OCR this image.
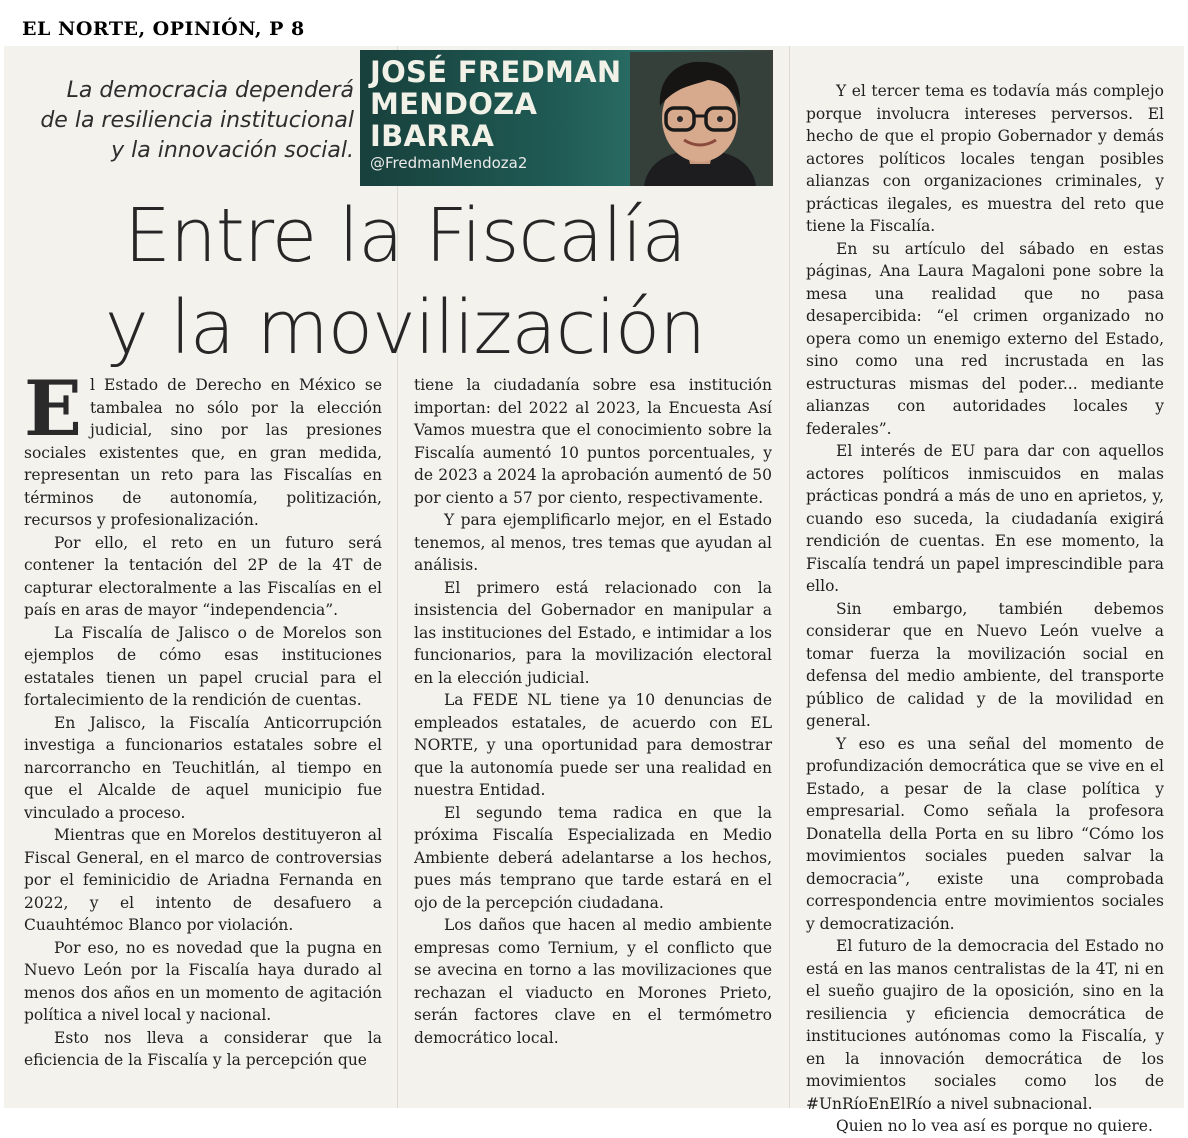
EL NORTE, OPINIÓN, P 8
La democracia dependerá
de la resiliencia institucional
y la innovación social.
JOSÉ FREDMAN
MENDOZA
IBARRA
@FredmanMendoza2
Entre la Fiscalía
y la movilización

El Estado de Derecho en México se tambalea no sólo por la elección judicial, sino por las presiones sociales existentes que, en gran medida, representan un reto para las Fiscalías en términos de autonomía, politización, recursos y profesionalización.

Por ello, el reto en un futuro será contener la tentación del 2P de la 4T de capturar electoralmente a las Fiscalías en el país en aras de mayor “independencia”.

La Fiscalía de Jalisco o de Morelos son ejemplos de cómo esas instituciones estatales tienen un papel crucial para el fortalecimiento de la rendición de cuentas.

En Jalisco, la Fiscalía Anticorrupción investiga a funcionarios estatales sobre el narcorrancho en Teuchitlán, al tiempo en que el Alcalde de aquel municipio fue vinculado a proceso.

Mientras que en Morelos destituyeron al Fiscal General, en el marco de controversias por el feminicidio de Ariadna Fernanda en 2022, y el intento de desafuero a Cuauhtémoc Blanco por violación.

Por eso, no es novedad que la pugna en Nuevo León por la Fiscalía haya durado al menos dos años en un momento de agitación política a nivel local y nacional.

Esto nos lleva a considerar que la eficiencia de la Fiscalía y la percepción que

tiene la ciudadanía sobre esa institución importan: del 2022 al 2023, la Encuesta Así Vamos muestra que el conocimiento sobre la Fiscalía aumentó 10 puntos porcentuales, y de 2023 a 2024 la aprobación aumentó de 50 por ciento a 57 por ciento, respectivamente.

Y para ejemplificarlo mejor, en el Estado tenemos, al menos, tres temas que ayudan al análisis.

El primero está relacionado con la insistencia del Gobernador en manipular a las instituciones del Estado, e intimidar a los funcionarios, para la movilización electoral en la elección judicial.

La FEDE NL tiene ya 10 denuncias de empleados estatales, de acuerdo con EL NORTE, y una oportunidad para demostrar que la autonomía puede ser una realidad en nuestra Entidad.

El segundo tema radica en que la próxima Fiscalía Especializada en Medio Ambiente deberá adelantarse a los hechos, pues más temprano que tarde estará en el ojo de la percepción ciudadana.

Los daños que hacen al medio ambiente empresas como Ternium, y el conflicto que se avecina en torno a las movilizaciones que rechazan el viaducto en Morones Prieto, serán factores clave en el termómetro democrático local.

Y el tercer tema es todavía más complejo porque involucra intereses perversos. El hecho de que el propio Gobernador y demás actores políticos locales tengan posibles alianzas con organizaciones criminales, y prácticas ilegales, es muestra del reto que tiene la Fiscalía.

En su artículo del sábado en estas páginas, Ana Laura Magaloni pone sobre la mesa una realidad que no pasa desapercibida: “el crimen organizado no opera como un enemigo externo del Estado, sino como una red incrustada en las estructuras mismas del poder... mediante alianzas con autoridades locales y federales”.

El interés de EU para dar con aquellos actores políticos inmiscuidos en malas prácticas pondrá a más de uno en aprietos, y, cuando eso suceda, la ciudadanía exigirá rendición de cuentas. En ese momento, la Fiscalía tendrá un papel imprescindible para ello.

Sin embargo, también debemos considerar que en Nuevo León vuelve a tomar fuerza la movilización social en defensa del medio ambiente, del transporte público de calidad y de la movilidad en general.

Y eso es una señal del momento de profundización democrática que se vive en el Estado, a pesar de la clase política y empresarial. Como señala la profesora Donatella della Porta en su libro “Cómo los movimientos sociales pueden salvar la democracia”, existe una comprobada correspondencia entre movimientos sociales y democratización.

El futuro de la democracia del Estado no está en las manos centralistas de la 4T, ni en el sueño guajiro de la oposición, sino en la resiliencia y eficiencia democrática de instituciones autónomas como la Fiscalía, y en la innovación democrática de los movimientos sociales como los de #UnRíoEnElRío a nivel subnacional.

Quien no lo vea así es porque no quiere.
